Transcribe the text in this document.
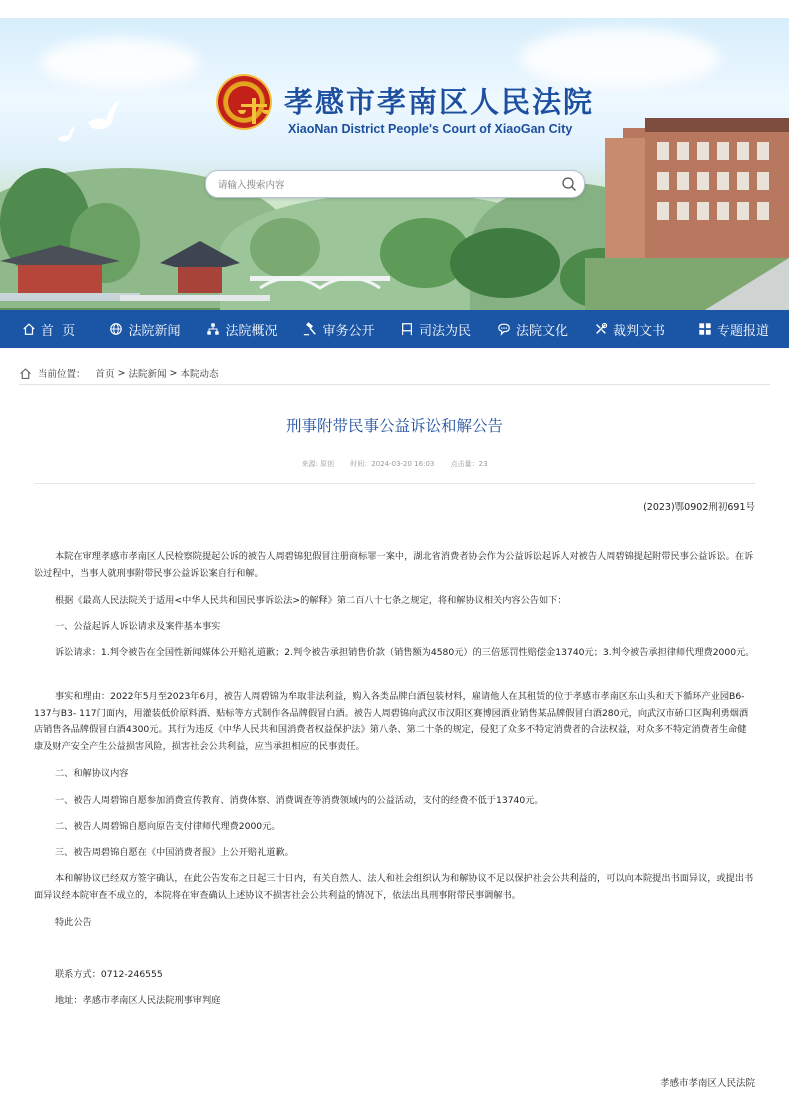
孝感市孝南区人民法院
XiaoNan District People's Court of XiaoGan City
请输入搜索内容
首  页	法院新闻	法院概况	审务公开	司法为民	法院文化	裁判文书	专题报道
当前位置： 首页 > 法院新闻 > 本院动态
刑事附带民事公益诉讼和解公告
来源: 原创 时间：2024-03-20 16:03 点击量：23
(2023)鄂0902刑初691号

本院在审理孝感市孝南区人民检察院提起公诉的被告人周碧锦犯假冒注册商标罪一案中，湖北省消费者协会作为公益诉讼起诉人对被告人周碧锦提起附带民事公益诉讼。在诉讼过程中，当事人就刑事附带民事公益诉讼案自行和解。

根据《最高人民法院关于适用<中华人民共和国民事诉讼法>的解释》第二百八十七条之规定，将和解协议相关内容公告如下：

一、公益起诉人诉讼请求及案件基本事实

诉讼请求：1.判令被告在全国性新闻媒体公开赔礼道歉；2.判令被告承担销售价款（销售额为4580元）的三倍惩罚性赔偿金13740元；3.判令被告承担律师代理费2000元。

事实和理由：2022年5月至2023年6月，被告人周碧锦为牟取非法利益，购入各类品牌白酒包装材料，雇请他人在其租赁的位于孝感市孝南区东山头和天下循环产业园B6-137与B3- 117门面内，用灌装低价原料酒、贴标等方式制作各品牌假冒白酒。被告人周碧锦向武汉市汉阳区赛博园酒业销售某品牌假冒白酒280元，向武汉市硚口区陶利勇烟酒店销售各品牌假冒白酒4300元。其行为违反《中华人民共和国消费者权益保护法》第八条、第二十条的规定，侵犯了众多不特定消费者的合法权益，对众多不特定消费者生命健康及财产安全产生公益损害风险，损害社会公共利益，应当承担相应的民事责任。

二、和解协议内容

一、被告人周碧锦自愿参加消费宣传教育、消费体察、消费调查等消费领域内的公益活动，支付的经费不低于13740元。

二、被告人周碧锦自愿向原告支付律师代理费2000元。

三、被告周碧锦自愿在《中国消费者报》上公开赔礼道歉。

本和解协议已经双方签字确认，在此公告发布之日起三十日内，有关自然人、法人和社会组织认为和解协议不足以保护社会公共利益的，可以向本院提出书面异议，或提出书面异议经本院审查不成立的，本院将在审查确认上述协议不损害社会公共利益的情况下，依法出具刑事附带民事调解书。

特此公告

联系方式：0712-246555

地址：孝感市孝南区人民法院刑事审判庭

孝感市孝南区人民法院
